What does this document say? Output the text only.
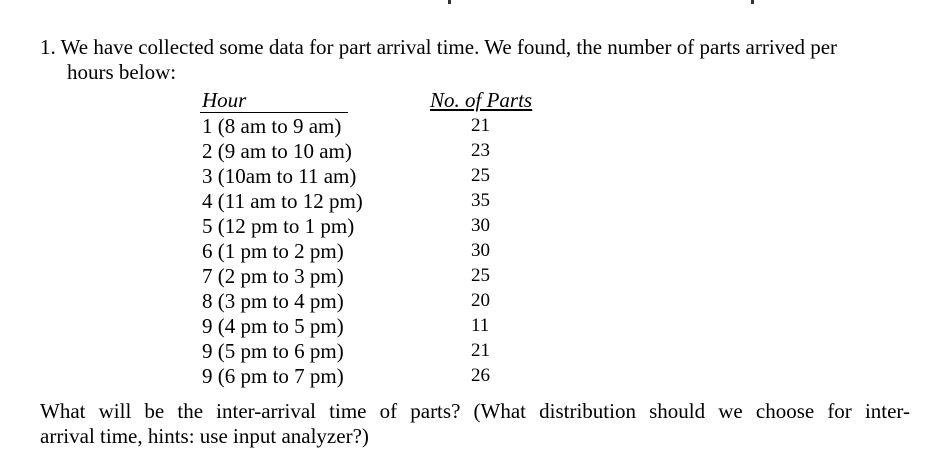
1. We have collected some data for part arrival time. We found, the number of parts arrived per
hours below:
Hour	No. of Parts
1 (8 am to 9 am)	21
2 (9 am to 10 am)	23
3 (10am to 11 am)	25
4 (11 am to 12 pm)	35
5 (12 pm to 1 pm)	30
6 (1 pm to 2 pm)	30
7 (2 pm to 3 pm)	25
8 (3 pm to 4 pm)	20
9 (4 pm to 5 pm)	11
9 (5 pm to 6 pm)	21
9 (6 pm to 7 pm)	26
What will be the inter-arrival time of parts? (What distribution should we choose for inter-
arrival time, hints: use input analyzer?)
